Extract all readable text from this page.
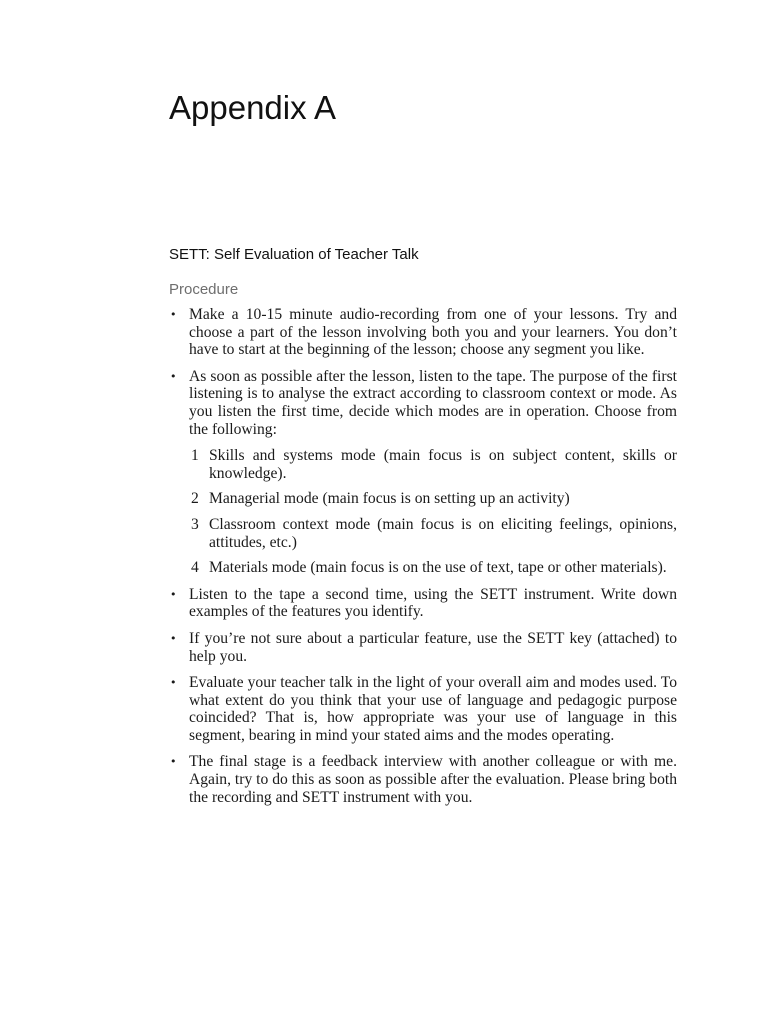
Appendix A
SETT: Self Evaluation of Teacher Talk
Procedure
• Make a 10-15 minute audio-recording from one of your lessons. Try and choose a part of the lesson involving both you and your learners. You don’t have to start at the beginning of the lesson; choose any segment you like.
• As soon as possible after the lesson, listen to the tape. The purpose of the first listening is to analyse the extract according to classroom context or mode. As you listen the first time, decide which modes are in operation. Choose from the following:
1 Skills and systems mode (main focus is on subject content, skills or knowledge).
2 Managerial mode (main focus is on setting up an activity)
3 Classroom context mode (main focus is on eliciting feelings, opinions, attitudes, etc.)
4 Materials mode (main focus is on the use of text, tape or other materials).
• Listen to the tape a second time, using the SETT instrument. Write down examples of the features you identify.
• If you’re not sure about a particular feature, use the SETT key (attached) to help you.
• Evaluate your teacher talk in the light of your overall aim and modes used. To what extent do you think that your use of language and pedagogic purpose coincided? That is, how appropriate was your use of language in this segment, bearing in mind your stated aims and the modes operating.
• The final stage is a feedback interview with another colleague or with me. Again, try to do this as soon as possible after the evaluation. Please bring both the recording and SETT instrument with you.
